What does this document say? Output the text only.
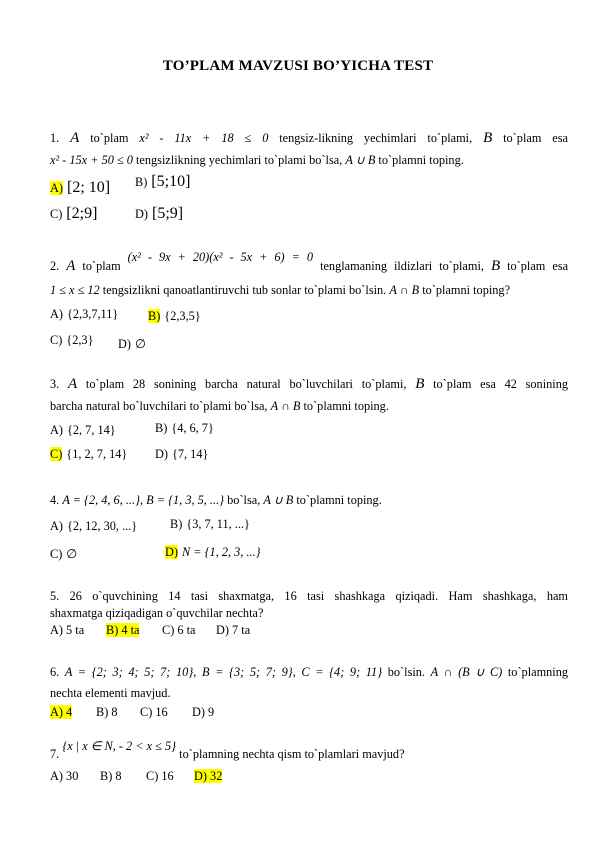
TO’PLAM MAVZUSI BO’YICHA TEST
1. A to`plam x² - 11x + 18 ≤ 0 tengsiz-likning yechimlari to`plami, B to`plam esa
x² - 15x + 50 ≤ 0 tengsizlikning yechimlari to`plami bo`lsa, A ∪ B to`plamni toping.
A) [2; 10] B) [5;10]
C) [2;9]	D) [5;9]
2. A to`plam (x² - 9x + 20)(x² - 5x + 6) = 0 tenglamaning ildizlari to`plami, B to`plam esa
1 ≤ x ≤ 12 tengsizlikni qanoatlantiruvchi tub sonlar to`plami bo`lsin. A ∩ B to`plamni toping?
A) {2,3,7,11} B) {2,3,5}
C) {2,3} D) ∅
3. A to`plam 28 sonining barcha natural bo`luvchilari to`plami, B to`plam esa 42 sonining
barcha natural bo`luvchilari to`plami bo`lsa, A ∩ B to`plamni toping.
A) {2, 7, 14}	B) {4, 6, 7}
C) {1, 2, 7, 14} D) {7, 14}
4. A = {2, 4, 6, ...}, B = {1, 3, 5, ...} bo`lsa, A ∪ B to`plamni toping.
A) {2, 12, 30, ...}	B) {3, 7, 11, ...}
C) ∅	D) N = {1, 2, 3, ...}
5. 26 o`quvchining 14 tasi shaxmatga, 16 tasi shashkaga qiziqadi. Ham shashkaga, ham
shaxmatga qiziqadigan o`quvchilar nechta?
A) 5 ta B) 4 ta C) 6 ta D) 7 ta
6. A = {2; 3; 4; 5; 7; 10}, B = {3; 5; 7; 9}, C = {4; 9; 11} bo`lsin. A ∩ (B ∪ C) to`plamning
nechta elementi mavjud.
A) 4 B) 8 C) 16 D) 9
7. {x | x ∈ N, - 2 < x ≤ 5} to`plamning nechta qism to`plamlari mavjud?
A) 30 B) 8 C) 16 D) 32
